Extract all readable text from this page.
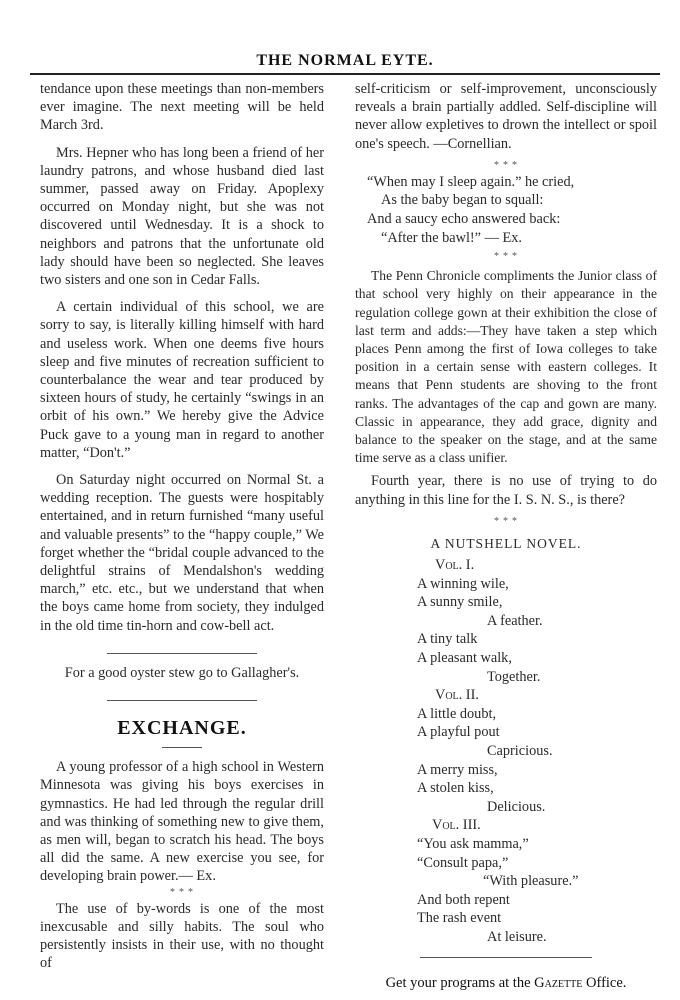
THE NORMAL EYTE.

tendance upon these meetings than non-members ever imagine. The next meeting will be held March 3rd.

Mrs. Hepner who has long been a friend of her laundry patrons, and whose husband died last summer, passed away on Friday. Apoplexy occurred on Monday night, but she was not discovered until Wednesday. It is a shock to neighbors and patrons that the unfortunate old lady should have been so neglected. She leaves two sisters and one son in Cedar Falls.

A certain individual of this school, we are sorry to say, is literally killing himself with hard and useless work. When one deems five hours sleep and five minutes of recreation sufficient to counterbalance the wear and tear produced by sixteen hours of study, he certainly “swings in an orbit of his own.” We hereby give the Advice Puck gave to a young man in regard to another matter, “Don't.”

On Saturday night occurred on Normal St. a wedding reception. The guests were hospitably entertained, and in return furnished “many useful and valuable presents” to the “happy couple,” We forget whether the “bridal couple advanced to the delightful strains of Mendalshon's wedding march,” etc. etc., but we understand that when the boys came home from society, they indulged in the old time tin-horn and cow-bell act.

For a good oyster stew go to Gallagher's.
EXCHANGE.

A young professor of a high school in Western Minnesota was giving his boys exercises in gymnastics. He had led through the regular drill and was thinking of something new to give them, as men will, began to scratch his head. The boys all did the same. A new exercise you see, for developing brain power.— Ex.

* * *

The use of by-words is one of the most inexcusable and silly habits. The soul who persistently insists in their use, with no thought of

self-criticism or self-improvement, unconsciously reveals a brain partially addled. Self-discipline will never allow expletives to drown the intellect or spoil one's speech. —Cornellian.

* * *
“When may I sleep again.” he cried,
As the baby began to squall:
And a saucy echo answered back:
“After the bawl!” — Ex.
* * *

The Penn Chronicle compliments the Junior class of that school very highly on their appearance in the regulation college gown at their exhibition the close of last term and adds:—They have taken a step which places Penn among the first of Iowa colleges to take position in a certain sense with eastern colleges. It means that Penn students are shoving to the front ranks. The advantages of the cap and gown are many. Classic in appearance, they add grace, dignity and balance to the speaker on the stage, and at the same time serve as a class unifier.

Fourth year, there is no use of trying to do anything in this line for the I. S. N. S., is there?

* * *
A NUTSHELL NOVEL.
Vol. I.
A winning wile,
A sunny smile,
A feather.
A tiny talk
A pleasant walk,
Together.
Vol. II.
A little doubt,
A playful pout
Capricious.
A merry miss,
A stolen kiss,
Delicious.
Vol. III.
“You ask mamma,”
“Consult papa,”
“With pleasure.”
And both repent
The rash event
At leisure.
Get your programs at the Gazette Office.
